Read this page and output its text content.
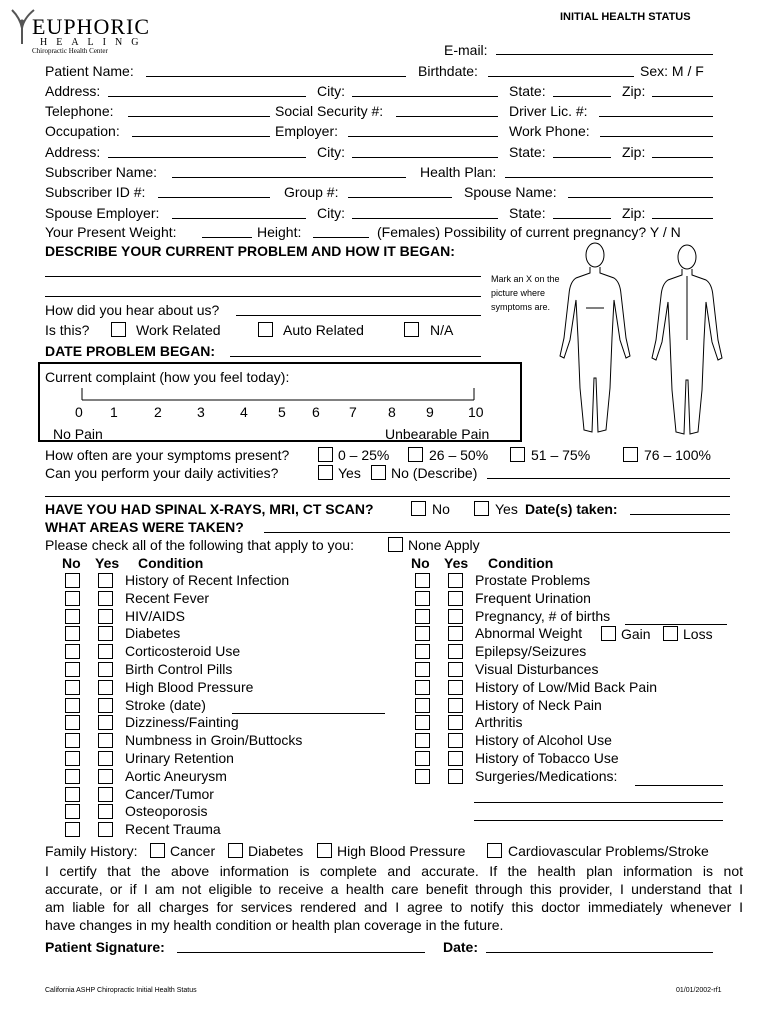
EUPHORIC
HEALING
Chiropractic Health Center
INITIAL HEALTH STATUS
E-mail:
Patient Name:	Birthdate:	Sex: M / F
Address:	City:	State:	Zip:
Telephone:	Social Security #:	Driver Lic. #:
Occupation:	Employer:	Work Phone:
Address:	City:	State:	Zip:
Subscriber Name:	Health Plan:
Subscriber ID #:	Group #:	Spouse Name:
Spouse Employer:	City:	State:	Zip:
Your Present Weight:	Height:	(Females) Possibility of current pregnancy? Y / N
DESCRIBE YOUR CURRENT PROBLEM AND HOW IT BEGAN:
Mark an X on the
picture where
symptoms are.
How did you hear about us?
Is this?	Work Related	Auto Related	N/A
DATE PROBLEM BEGAN:
Current complaint (how you feel today):
0 1	2	3	4 5 6 7 8 9 10
No Pain	Unbearable Pain
How often are your symptoms present?	0 – 25%	26 – 50%	51 – 75%	76 – 100%
Can you perform your daily activities?	Yes No (Describe)
HAVE YOU HAD SPINAL X-RAYS, MRI, CT SCAN?	No	Yes Date(s) taken:
WHAT AREAS WERE TAKEN?
Please check all of the following that apply to you:	None Apply
No Yes Condition	No Yes Condition
History of Recent Infection
Recent Fever
HIV/AIDS
Diabetes
Corticosteroid Use
Birth Control Pills
High Blood Pressure
Stroke (date)
Dizziness/Fainting
Numbness in Groin/Buttocks
Urinary Retention
Aortic Aneurysm
Cancer/Tumor
Osteoporosis
Recent Trauma
Prostate Problems
Frequent Urination
Pregnancy, # of births
Abnormal Weight
Epilepsy/Seizures
Visual Disturbances
History of Low/Mid Back Pain
History of Neck Pain
Arthritis
History of Alcohol Use
History of Tobacco Use
Surgeries/Medications:
Gain Loss
Family History: Cancer Diabetes High Blood Pressure	Cardiovascular Problems/Stroke
I certify that the above information is complete and accurate. If the health plan information is not
accurate, or if I am not eligible to receive a health care benefit through this provider, I understand that I
am liable for all charges for services rendered and I agree to notify this doctor immediately whenever I
have changes in my health condition or health plan coverage in the future.
Patient Signature:	Date:
California ASHP Chiropractic Initial Health Status	01/01/2002-rf1
